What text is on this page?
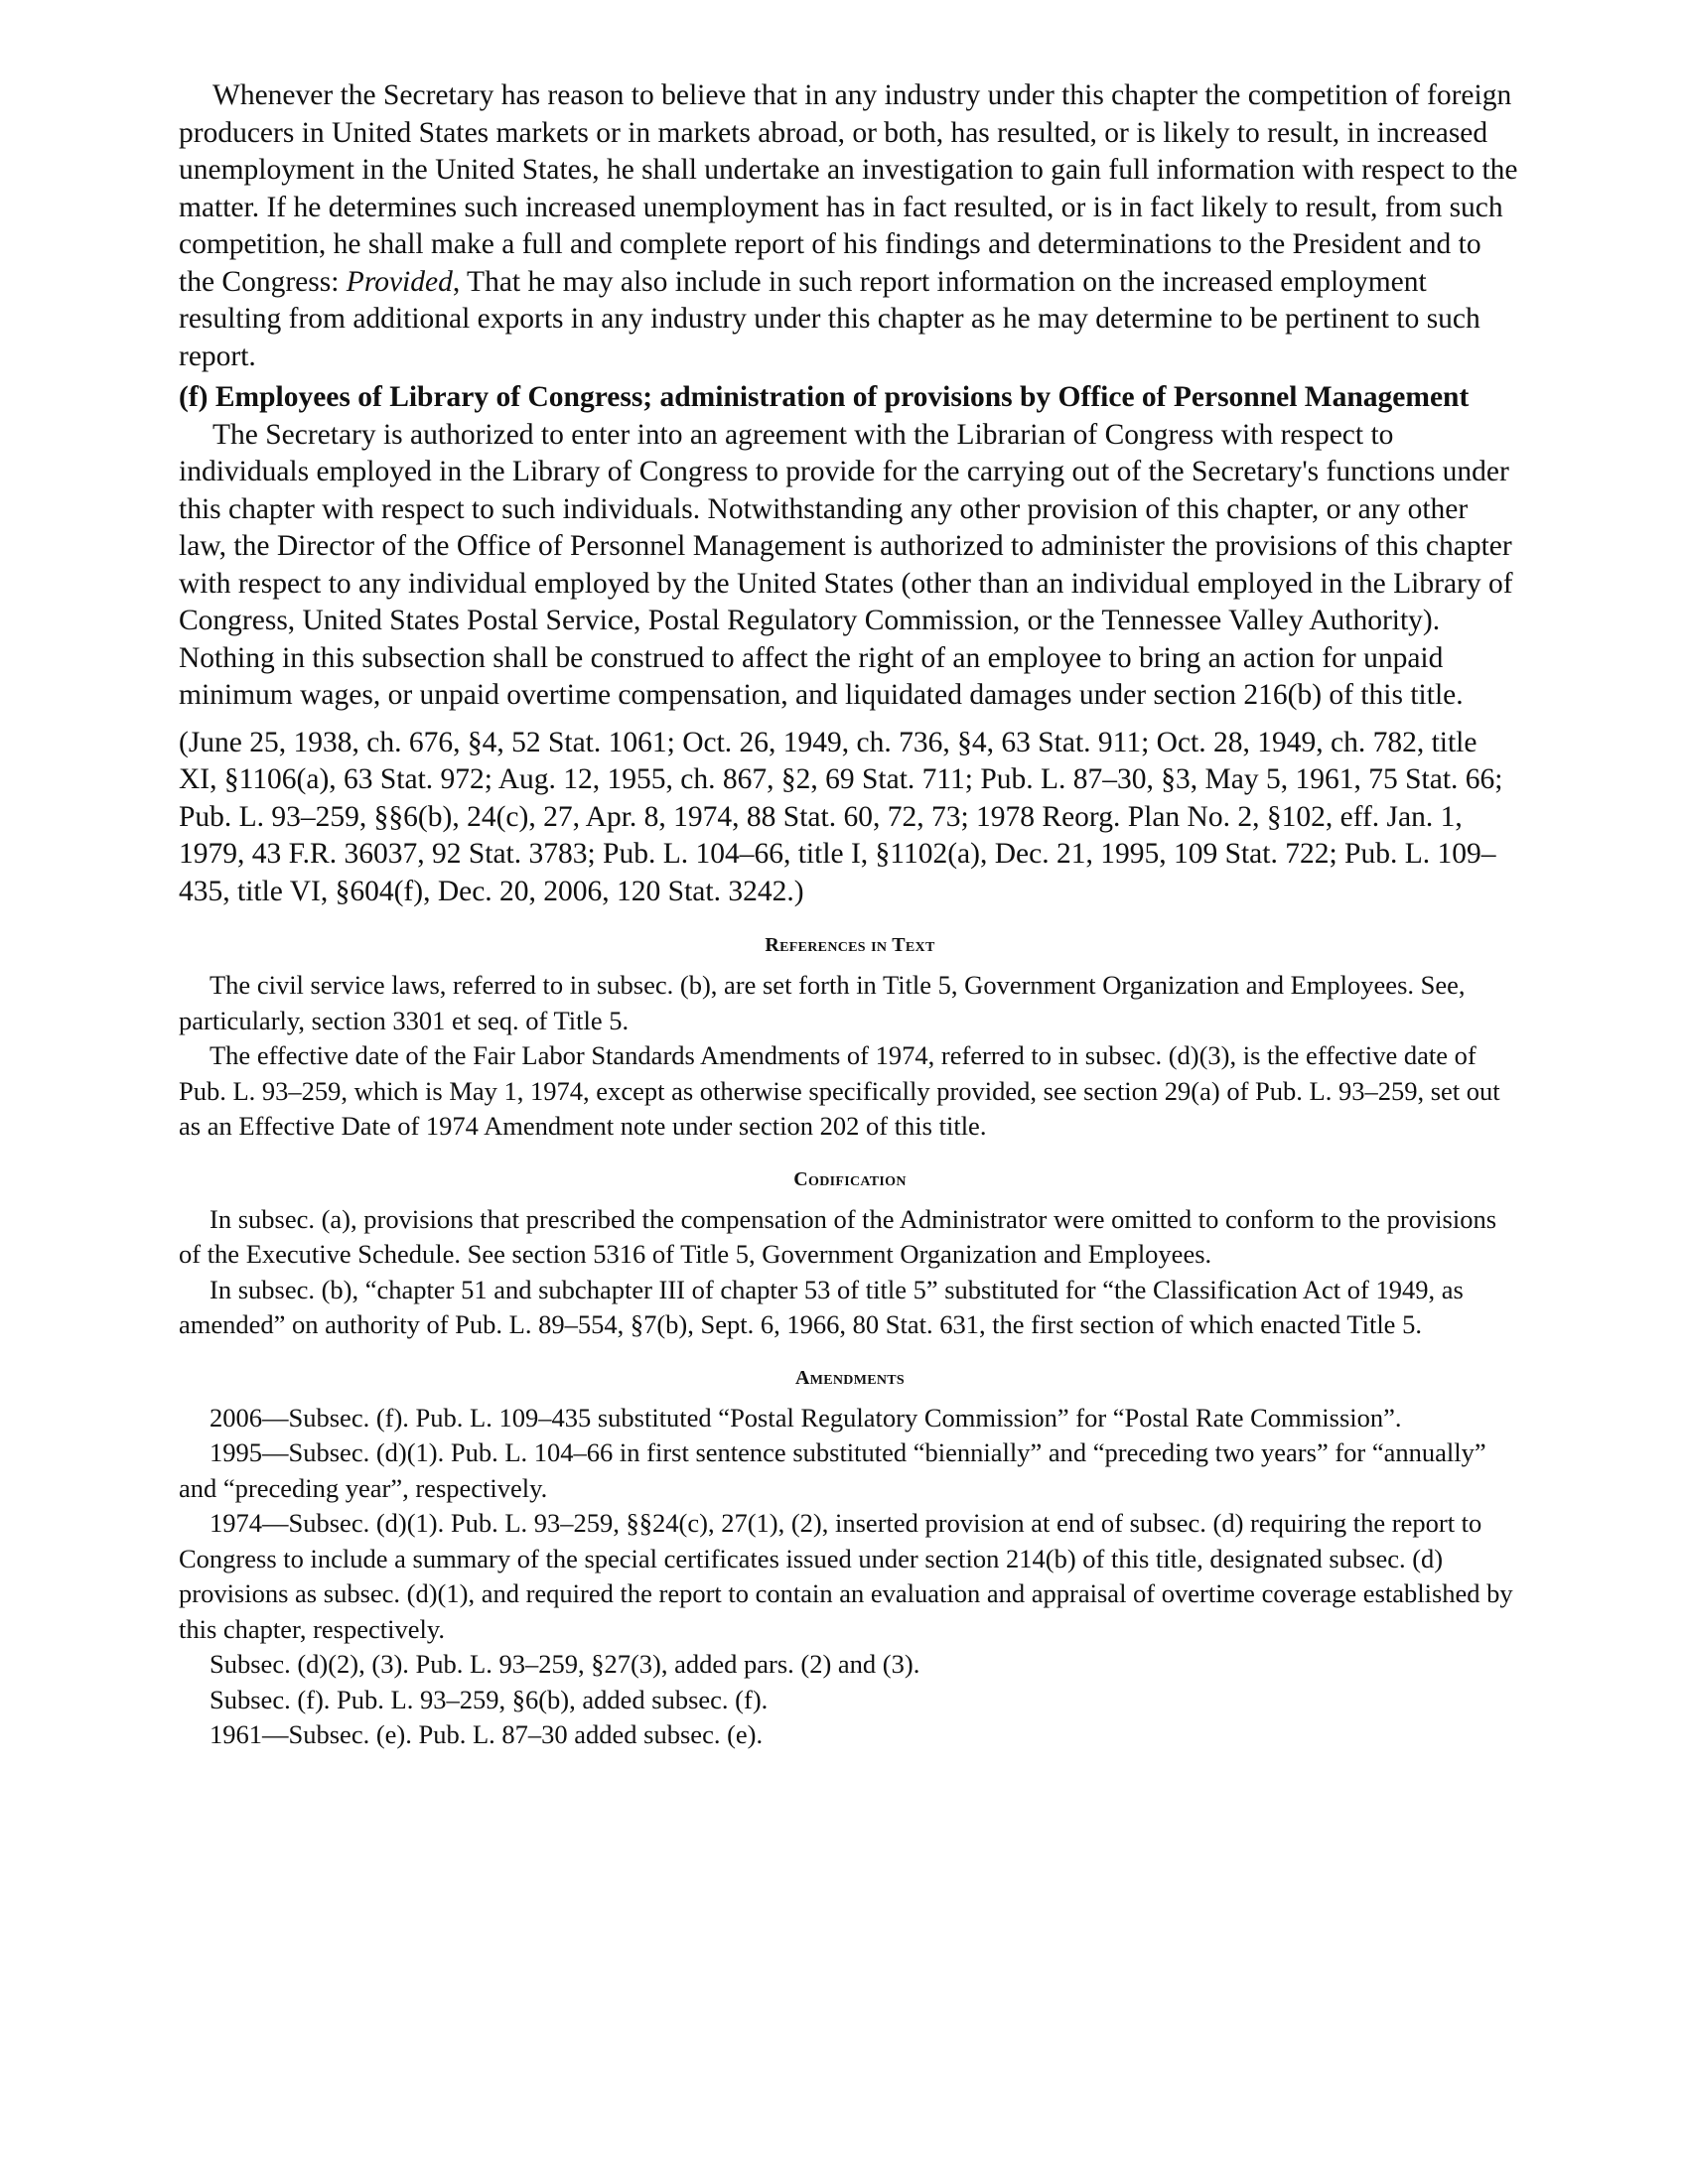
Whenever the Secretary has reason to believe that in any industry under this chapter the competition of foreign producers in United States markets or in markets abroad, or both, has resulted, or is likely to result, in increased unemployment in the United States, he shall undertake an investigation to gain full information with respect to the matter. If he determines such increased unemployment has in fact resulted, or is in fact likely to result, from such competition, he shall make a full and complete report of his findings and determinations to the President and to the Congress: Provided, That he may also include in such report information on the increased employment resulting from additional exports in any industry under this chapter as he may determine to be pertinent to such report.

(f) Employees of Library of Congress; administration of provisions by Office of Personnel Management

The Secretary is authorized to enter into an agreement with the Librarian of Congress with respect to individuals employed in the Library of Congress to provide for the carrying out of the Secretary's functions under this chapter with respect to such individuals. Notwithstanding any other provision of this chapter, or any other law, the Director of the Office of Personnel Management is authorized to administer the provisions of this chapter with respect to any individual employed by the United States (other than an individual employed in the Library of Congress, United States Postal Service, Postal Regulatory Commission, or the Tennessee Valley Authority). Nothing in this subsection shall be construed to affect the right of an employee to bring an action for unpaid minimum wages, or unpaid overtime compensation, and liquidated damages under section 216(b) of this title.

(June 25, 1938, ch. 676, §4, 52 Stat. 1061; Oct. 26, 1949, ch. 736, §4, 63 Stat. 911; Oct. 28, 1949, ch. 782, title XI, §1106(a), 63 Stat. 972; Aug. 12, 1955, ch. 867, §2, 69 Stat. 711; Pub. L. 87–30, §3, May 5, 1961, 75 Stat. 66; Pub. L. 93–259, §§6(b), 24(c), 27, Apr. 8, 1974, 88 Stat. 60, 72, 73; 1978 Reorg. Plan No. 2, §102, eff. Jan. 1, 1979, 43 F.R. 36037, 92 Stat. 3783; Pub. L. 104–66, title I, §1102(a), Dec. 21, 1995, 109 Stat. 722; Pub. L. 109–435, title VI, §604(f), Dec. 20, 2006, 120 Stat. 3242.)

References in Text

The civil service laws, referred to in subsec. (b), are set forth in Title 5, Government Organization and Employees. See, particularly, section 3301 et seq. of Title 5.

The effective date of the Fair Labor Standards Amendments of 1974, referred to in subsec. (d)(3), is the effective date of Pub. L. 93–259, which is May 1, 1974, except as otherwise specifically provided, see section 29(a) of Pub. L. 93–259, set out as an Effective Date of 1974 Amendment note under section 202 of this title.

Codification

In subsec. (a), provisions that prescribed the compensation of the Administrator were omitted to conform to the provisions of the Executive Schedule. See section 5316 of Title 5, Government Organization and Employees.

In subsec. (b), “chapter 51 and subchapter III of chapter 53 of title 5” substituted for “the Classification Act of 1949, as amended” on authority of Pub. L. 89–554, §7(b), Sept. 6, 1966, 80 Stat. 631, the first section of which enacted Title 5.

Amendments

2006—Subsec. (f). Pub. L. 109–435 substituted “Postal Regulatory Commission” for “Postal Rate Commission”.

1995—Subsec. (d)(1). Pub. L. 104–66 in first sentence substituted “biennially” and “preceding two years” for “annually” and “preceding year”, respectively.

1974—Subsec. (d)(1). Pub. L. 93–259, §§24(c), 27(1), (2), inserted provision at end of subsec. (d) requiring the report to Congress to include a summary of the special certificates issued under section 214(b) of this title, designated subsec. (d) provisions as subsec. (d)(1), and required the report to contain an evaluation and appraisal of overtime coverage established by this chapter, respectively.

Subsec. (d)(2), (3). Pub. L. 93–259, §27(3), added pars. (2) and (3).

Subsec. (f). Pub. L. 93–259, §6(b), added subsec. (f).

1961—Subsec. (e). Pub. L. 87–30 added subsec. (e).
